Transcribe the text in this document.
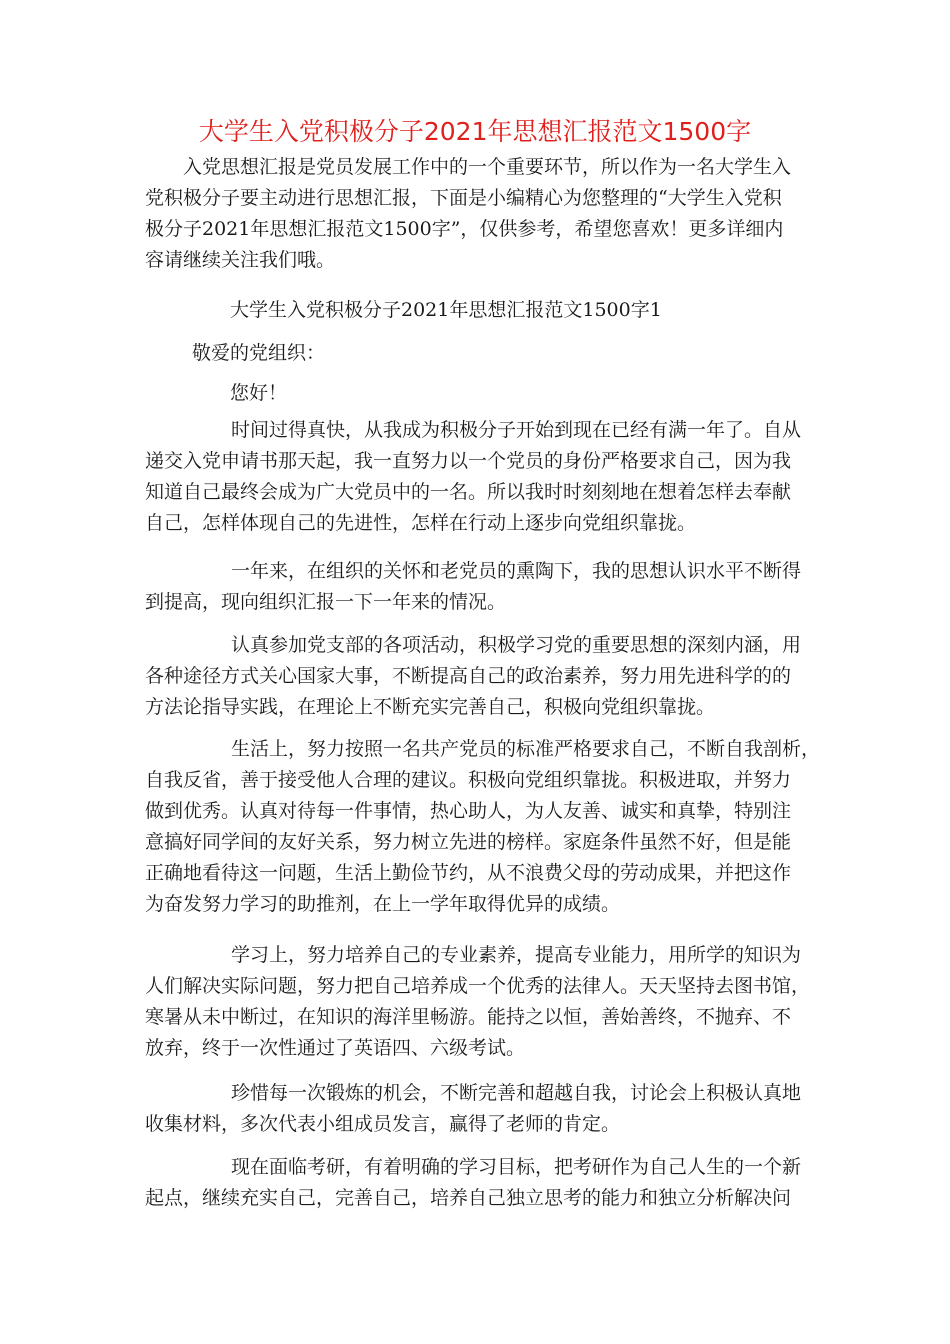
大学生入党积极分子2021年思想汇报范文1500字
入党思想汇报是党员发展工作中的一个重要环节，所以作为一名大学生入
党积极分子要主动进行思想汇报，下面是小编精心为您整理的“大学生入党积
极分子2021年思想汇报范文1500字”，仅供参考，希望您喜欢！更多详细内
容请继续关注我们哦。
大学生入党积极分子2021年思想汇报范文1500字1
敬爱的党组织：
您好！
时间过得真快，从我成为积极分子开始到现在已经有满一年了。自从
递交入党申请书那天起，我一直努力以一个党员的身份严格要求自己，因为我
知道自己最终会成为广大党员中的一名。所以我时时刻刻地在想着怎样去奉献
自己，怎样体现自己的先进性，怎样在行动上逐步向党组织靠拢。
一年来，在组织的关怀和老党员的熏陶下，我的思想认识水平不断得
到提高，现向组织汇报一下一年来的情况。
认真参加党支部的各项活动，积极学习党的重要思想的深刻内涵，用
各种途径方式关心国家大事，不断提高自己的政治素养，努力用先进科学的的
方法论指导实践，在理论上不断充实完善自己，积极向党组织靠拢。
生活上，努力按照一名共产党员的标准严格要求自己，不断自我剖析，
自我反省，善于接受他人合理的建议。积极向党组织靠拢。积极进取，并努力
做到优秀。认真对待每一件事情，热心助人，为人友善、诚实和真挚，特别注
意搞好同学间的友好关系，努力树立先进的榜样。家庭条件虽然不好，但是能
正确地看待这一问题，生活上勤俭节约，从不浪费父母的劳动成果，并把这作
为奋发努力学习的助推剂，在上一学年取得优异的成绩。
学习上，努力培养自己的专业素养，提高专业能力，用所学的知识为
人们解决实际问题，努力把自己培养成一个优秀的法律人。天天坚持去图书馆，
寒暑从未中断过，在知识的海洋里畅游。能持之以恒，善始善终，不抛弃、不
放弃，终于一次性通过了英语四、六级考试。
珍惜每一次锻炼的机会，不断完善和超越自我，讨论会上积极认真地
收集材料，多次代表小组成员发言，赢得了老师的肯定。
现在面临考研，有着明确的学习目标，把考研作为自己人生的一个新
起点，继续充实自己，完善自己，培养自己独立思考的能力和独立分析解决问
